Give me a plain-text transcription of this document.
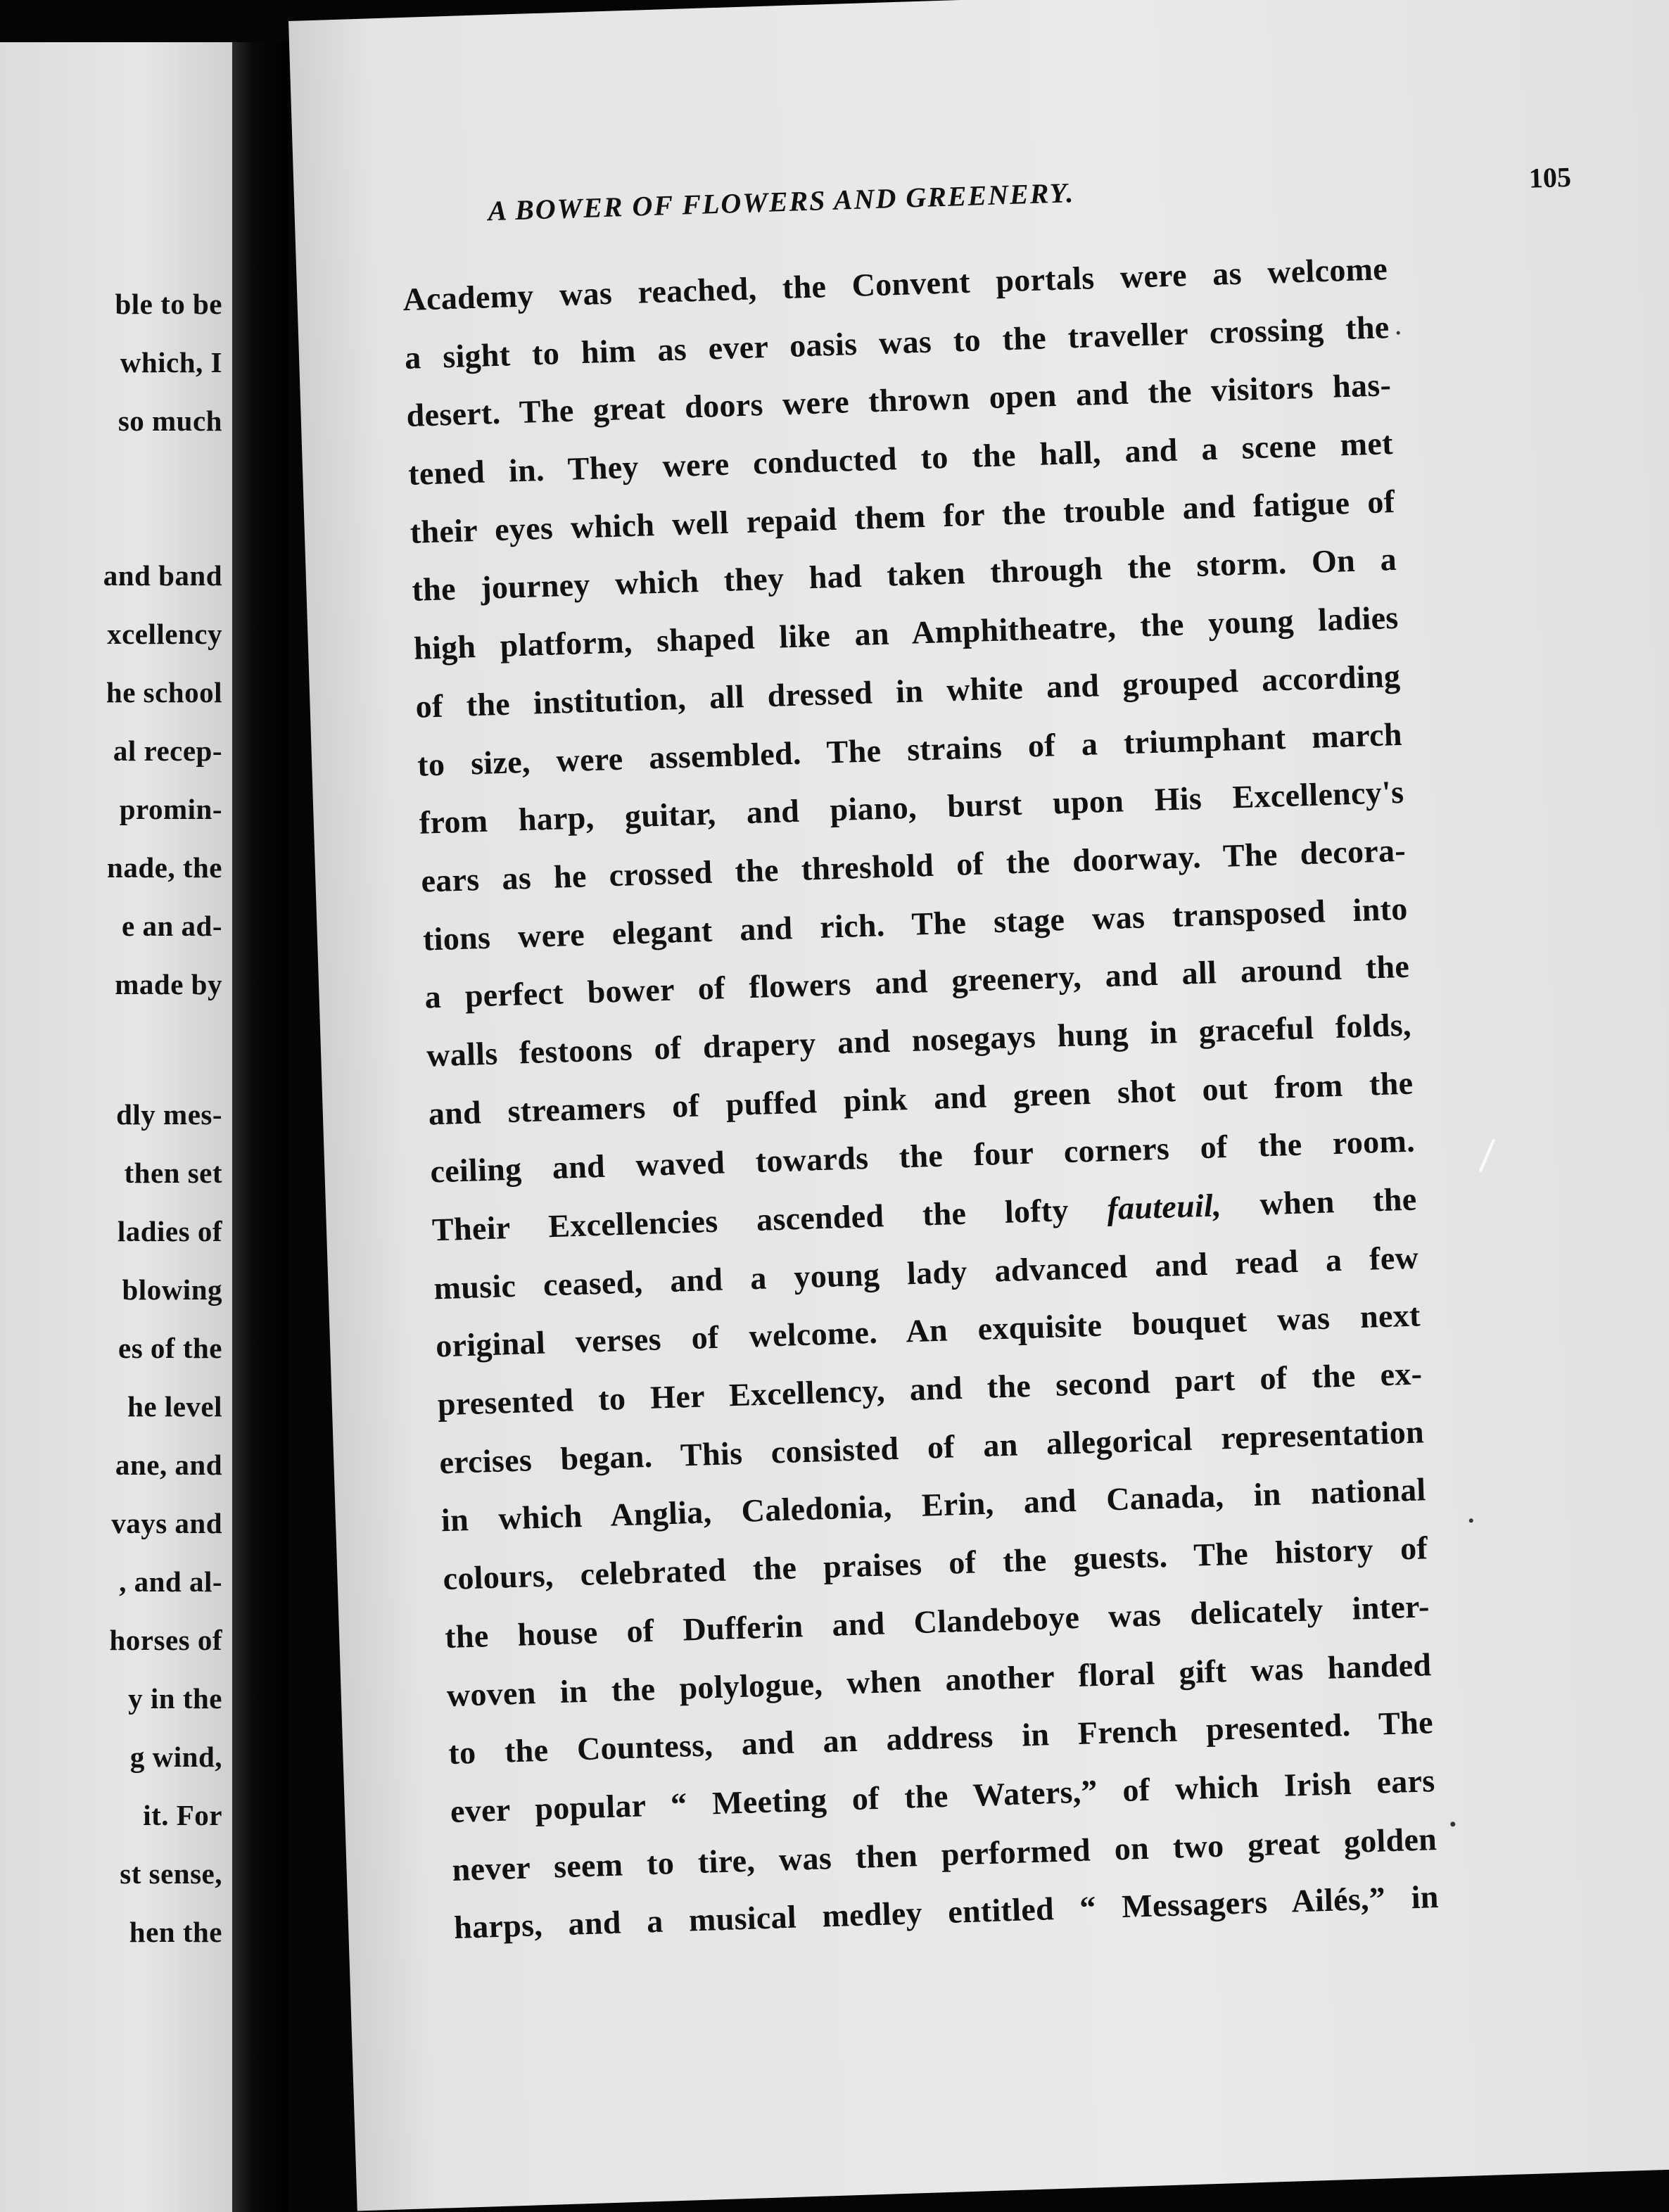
ble to be
which, I
so much
and band
xcellency
he school
al recep-
promin-
nade, the
e an ad-
made by
dly mes-
then set
ladies of
blowing
es of the
he level
ane, and
vays and
, and al-
horses of
y in the
g wind,
it. For
st sense,
hen the
A BOWER OF FLOWERS AND GREENERY.	105
Academy was reached, the Convent portals were as welcome
a sight to him as ever oasis was to the traveller crossing the
desert. The great doors were thrown open and the visitors has-
tened in. They were conducted to the hall, and a scene met
their eyes which well repaid them for the trouble and fatigue of
the journey which they had taken through the storm. On a
high platform, shaped like an Amphitheatre, the young ladies
of the institution, all dressed in white and grouped according
to size, were assembled. The strains of a triumphant march
from harp, guitar, and piano, burst upon His Excellency's
ears as he crossed the threshold of the doorway. The decora-
tions were elegant and rich. The stage was transposed into
a perfect bower of flowers and greenery, and all around the
walls festoons of drapery and nosegays hung in graceful folds,
and streamers of puffed pink and green shot out from the
ceiling and waved towards the four corners of the room.
Their Excellencies ascended the lofty fauteuil, when the
music ceased, and a young lady advanced and read a few
original verses of welcome. An exquisite bouquet was next
presented to Her Excellency, and the second part of the ex-
ercises began. This consisted of an allegorical representation
in which Anglia, Caledonia, Erin, and Canada, in national
colours, celebrated the praises of the guests. The history of
the house of Dufferin and Clandeboye was delicately inter-
woven in the polylogue, when another floral gift was handed
to the Countess, and an address in French presented. The
ever popular “ Meeting of the Waters,” of which Irish ears
never seem to tire, was then performed on two great golden
harps, and a musical medley entitled “ Messagers Ailés,” in
